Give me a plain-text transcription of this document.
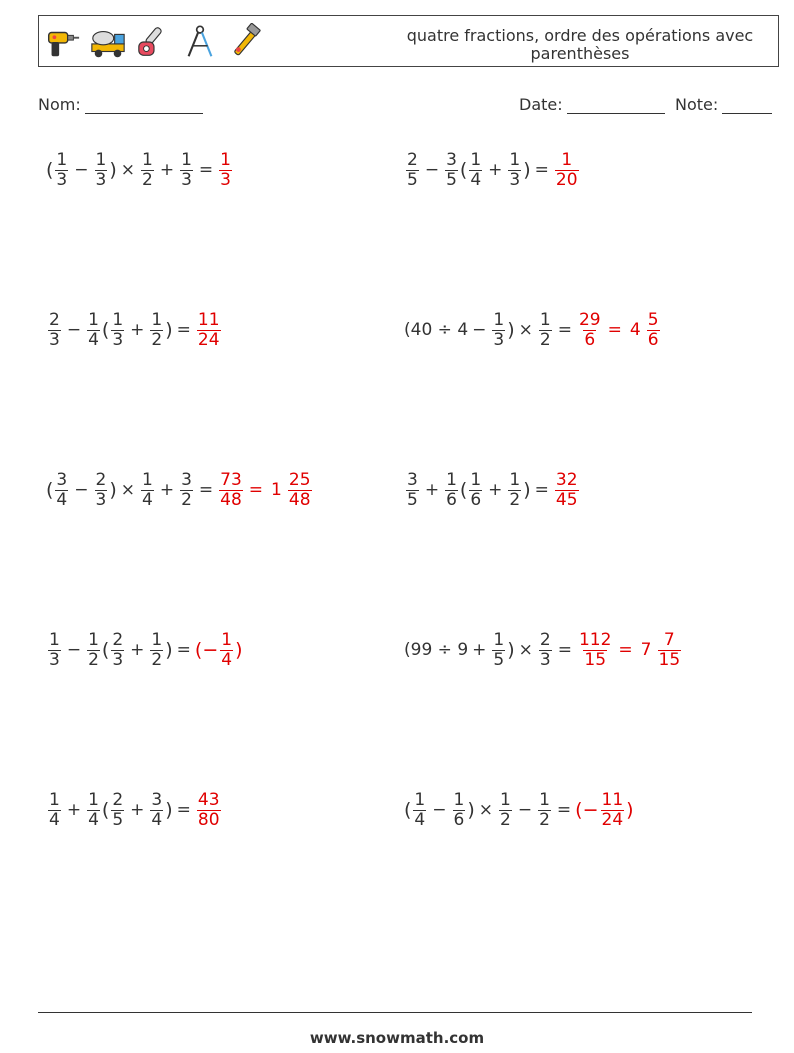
quatre fractions, ordre des opérations avec parenthèses
Nom:	Date:	Note:
( $\frac{1}{3} - \frac{1}{3}$ ) × $\frac{1}{2} + \frac{1}{3} = \frac{1}{3}$	$\frac{2}{5} - \frac{3}{5}$ ( $\frac{1}{4} + \frac{1}{3}$ ) = $\frac{1}{20}$
$\frac{2}{3} - \frac{1}{4}$ ( $\frac{1}{3} + \frac{1}{2}$ ) = $\frac{11}{24}$	($40 \div 4 - \frac{1}{3}$ ) × $\frac{1}{2} = \frac{29}{6} = 4 \frac{5}{6}$
( $\frac{3}{4} - \frac{2}{3}$ ) × $\frac{1}{4} + \frac{3}{2} = \frac{73}{48} = 1 \frac{25}{48}$	$\frac{3}{5} + \frac{1}{6}$ ( $\frac{1}{6} + \frac{1}{2}$ ) = $\frac{32}{45}$
$\frac{1}{3} - \frac{1}{2}$ ( $\frac{2}{3} + \frac{1}{2}$ ) = (− $\frac{1}{4}$ )	($99 \div 9 + \frac{1}{5}$ ) × $\frac{2}{3} = \frac{112}{15} = 7 \frac{7}{15}$
$\frac{1}{4} + \frac{1}{4}$ ( $\frac{2}{5} + \frac{3}{4}$ ) = $\frac{43}{80}$	( $\frac{1}{4} - \frac{1}{6}$ ) × $\frac{1}{2} - \frac{1}{2}$ = (− $\frac{11}{24}$ )
www.snowmath.com
